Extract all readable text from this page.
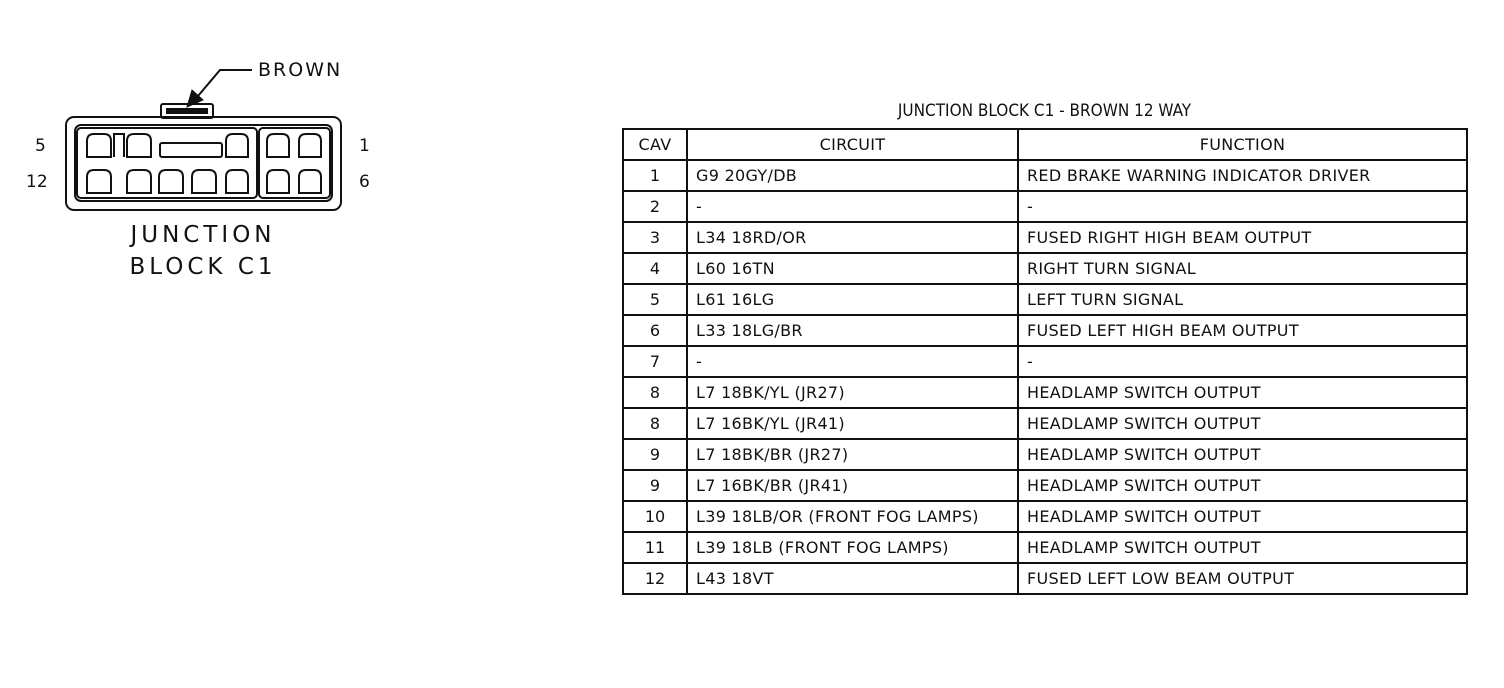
BROWN
5
12
1
6
JUNCTION
BLOCK C1
JUNCTION BLOCK C1 - BROWN 12 WAY
CAV	CIRCUIT	FUNCTION
1	G9 20GY/DB	RED BRAKE WARNING INDICATOR DRIVER
2	-	-
3	L34 18RD/OR	FUSED RIGHT HIGH BEAM OUTPUT
4	L60 16TN	RIGHT TURN SIGNAL
5	L61 16LG	LEFT TURN SIGNAL
6	L33 18LG/BR	FUSED LEFT HIGH BEAM OUTPUT
7	-	-
8	L7 18BK/YL (JR27)	HEADLAMP SWITCH OUTPUT
8	L7 16BK/YL (JR41)	HEADLAMP SWITCH OUTPUT
9	L7 18BK/BR (JR27)	HEADLAMP SWITCH OUTPUT
9	L7 16BK/BR (JR41)	HEADLAMP SWITCH OUTPUT
10	L39 18LB/OR (FRONT FOG LAMPS)	HEADLAMP SWITCH OUTPUT
11	L39 18LB (FRONT FOG LAMPS)	HEADLAMP SWITCH OUTPUT
12	L43 18VT	FUSED LEFT LOW BEAM OUTPUT
